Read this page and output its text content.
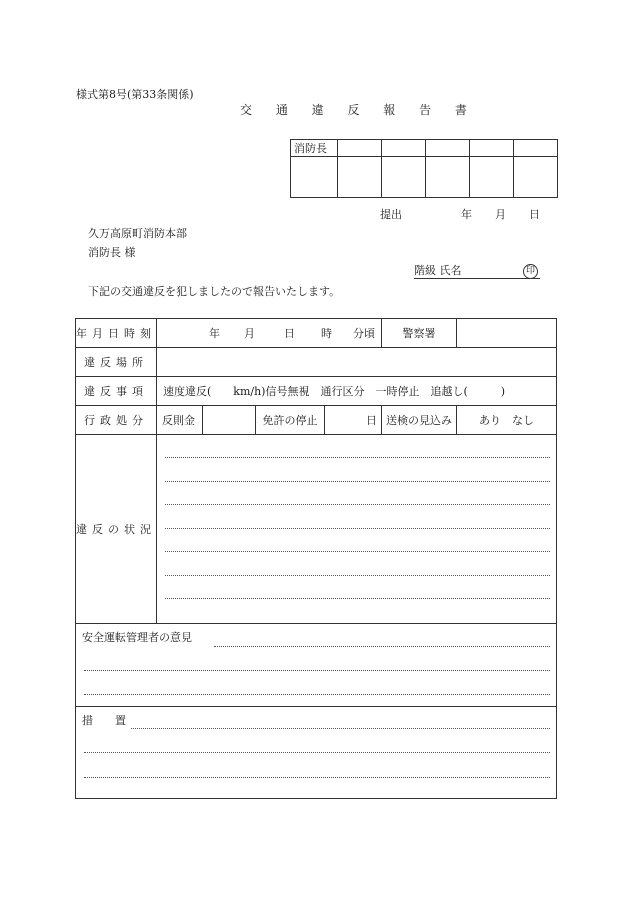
様式第8号(第33条関係)
交 通 違 反 報 告 書
消防長					

提出	年 月 日
久万高原町消防本部
消防長 様
階級 氏名	印
下記の交通違反を犯しましたので報告いたします。
年月日時刻	年 月 日 時 分頃				警察署	
違反場所						
違反事項	速度違反(　　km/h)信号無視　通行区分　一時停止　追越し(　　　)					
行政処分	反則金		免許の停止	日	送検の見込み	あり　なし
違反の状況						

安全運転管理者の意見						

措　　置						
